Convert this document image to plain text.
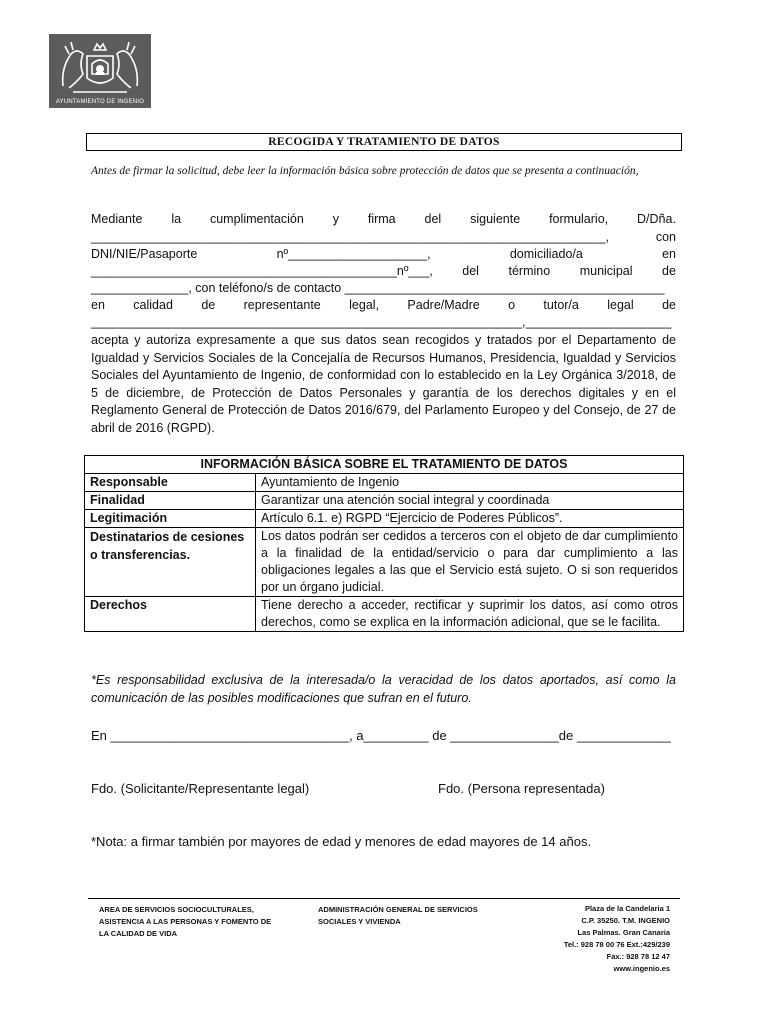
AYUNTAMIENTO DE INGENIO
RECOGIDA Y TRATAMIENTO DE DATOS
Antes de firmar la solicitud, debe leer la información básica sobre protección de datos que se presenta a continuación,
Mediante la cumplimentación y firma del siguiente formulario, D/Dña.
__________________________________________________________________________,	con
DNI/NIE/Pasaporte	nº____________________,	domiciliado/a	en
____________________________________________nº___, del término municipal de
______________, con teléfono/s de contacto ______________________________________________
en calidad de representante legal, Padre/Madre o tutor/a legal de
______________________________________________________________,_____________________
acepta y autoriza expresamente a que sus datos sean recogidos y tratados por el Departamento de Igualdad y Servicios Sociales de la Concejalía de Recursos Humanos, Presidencia, Igualdad y Servicios Sociales del Ayuntamiento de Ingenio, de conformidad con lo establecido en la Ley Orgánica 3/2018, de 5 de diciembre, de Protección de Datos Personales y garantía de los derechos digitales y en el Reglamento General de Protección de Datos 2016/679, del Parlamento Europeo y del Consejo, de 27 de abril de 2016 (RGPD).
INFORMACIÓN BÁSICA SOBRE EL TRATAMIENTO DE DATOS	
Responsable	Ayuntamiento de Ingenio
Finalidad	Garantizar una atención social integral y coordinada
Legitimación	Artículo 6.1. e) RGPD “Ejercicio de Poderes Públicos”.
Destinatarios de cesiones o transferencias.	Los datos podrán ser cedidos a terceros con el objeto de dar cumplimiento a la finalidad de la entidad/servicio o para dar cumplimiento a las obligaciones legales a las que el Servicio está sujeto. O si son requeridos por un órgano judicial.
Derechos	Tiene derecho a acceder, rectificar y suprimir los datos, así como otros derechos, como se explica en la información adicional, que se le facilita.
*Es responsabilidad exclusiva de la interesada/o la veracidad de los datos aportados, así como la comunicación de las posibles modificaciones que sufran en el futuro.
En _________________________________, a_________ de _______________de _____________
Fdo. (Solicitante/Representante legal)	Fdo. (Persona representada)
*Nota: a firmar también por mayores de edad y menores de edad mayores de 14 años.
AREA DE SERVICIOS SOCIOCULTURALES,
ASISTENCIA A LAS PERSONAS Y FOMENTO DE
LA CALIDAD DE VIDA
ADMINISTRACIÓN GENERAL DE SERVICIOS
SOCIALES Y VIVIENDA
Plaza de la Candelaria 1
C.P. 35250. T.M. INGENIO
Las Palmas. Gran Canaria
Tel.: 928 78 00 76 Ext.:429/239
Fax.: 928 78 12 47
www.ingenio.es
